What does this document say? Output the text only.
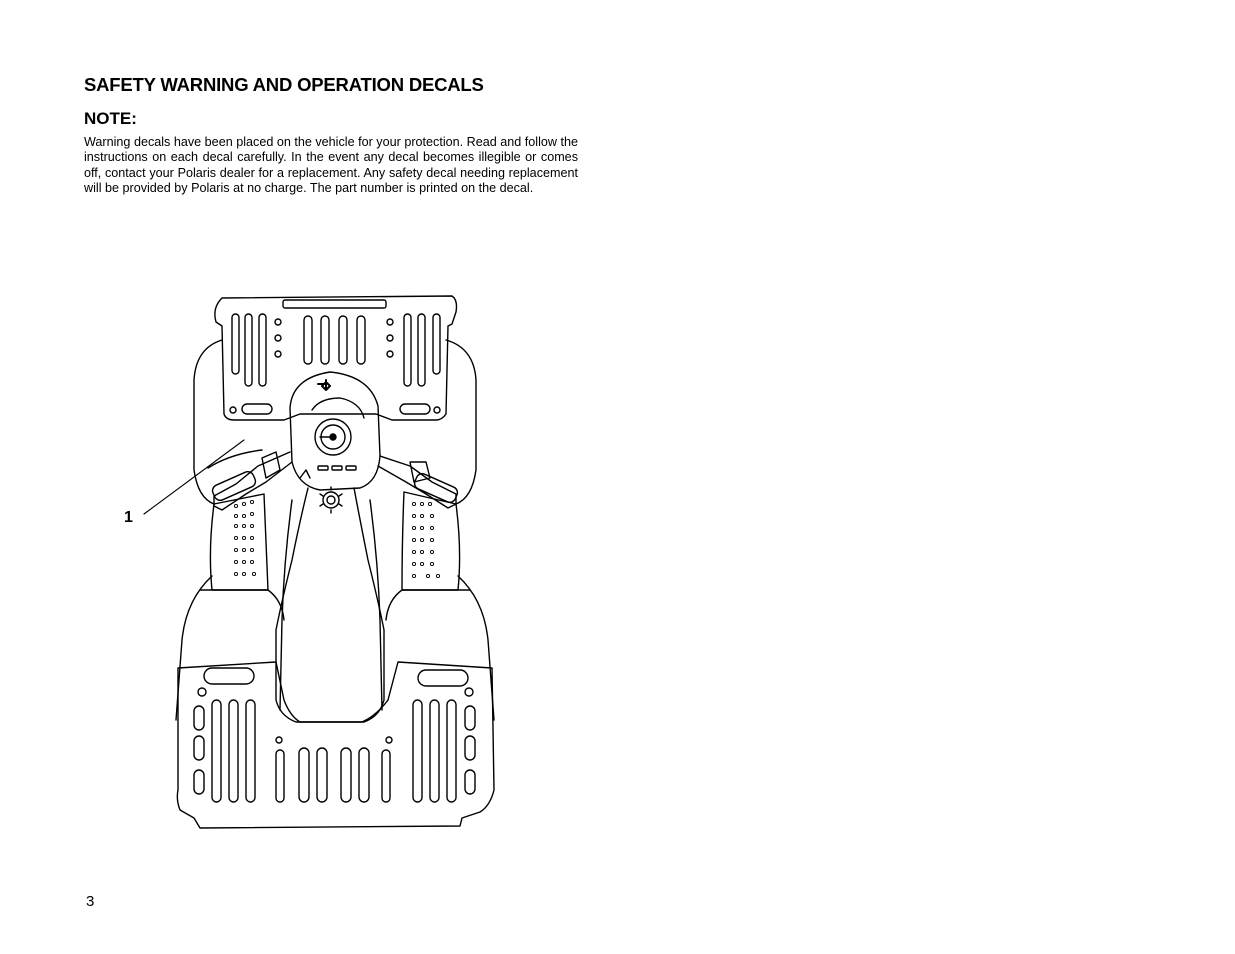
SAFETY WARNING AND OPERATION DECALS
NOTE:

Warning decals have been placed on the vehicle for your protection. Read and follow the instructions on each decal carefully. In the event any decal becomes illegible or comes off, contact your Polaris dealer for a replacement. Any safety decal needing replacement will be provided by Polaris at no charge. The part number is printed on the decal.

1
3
